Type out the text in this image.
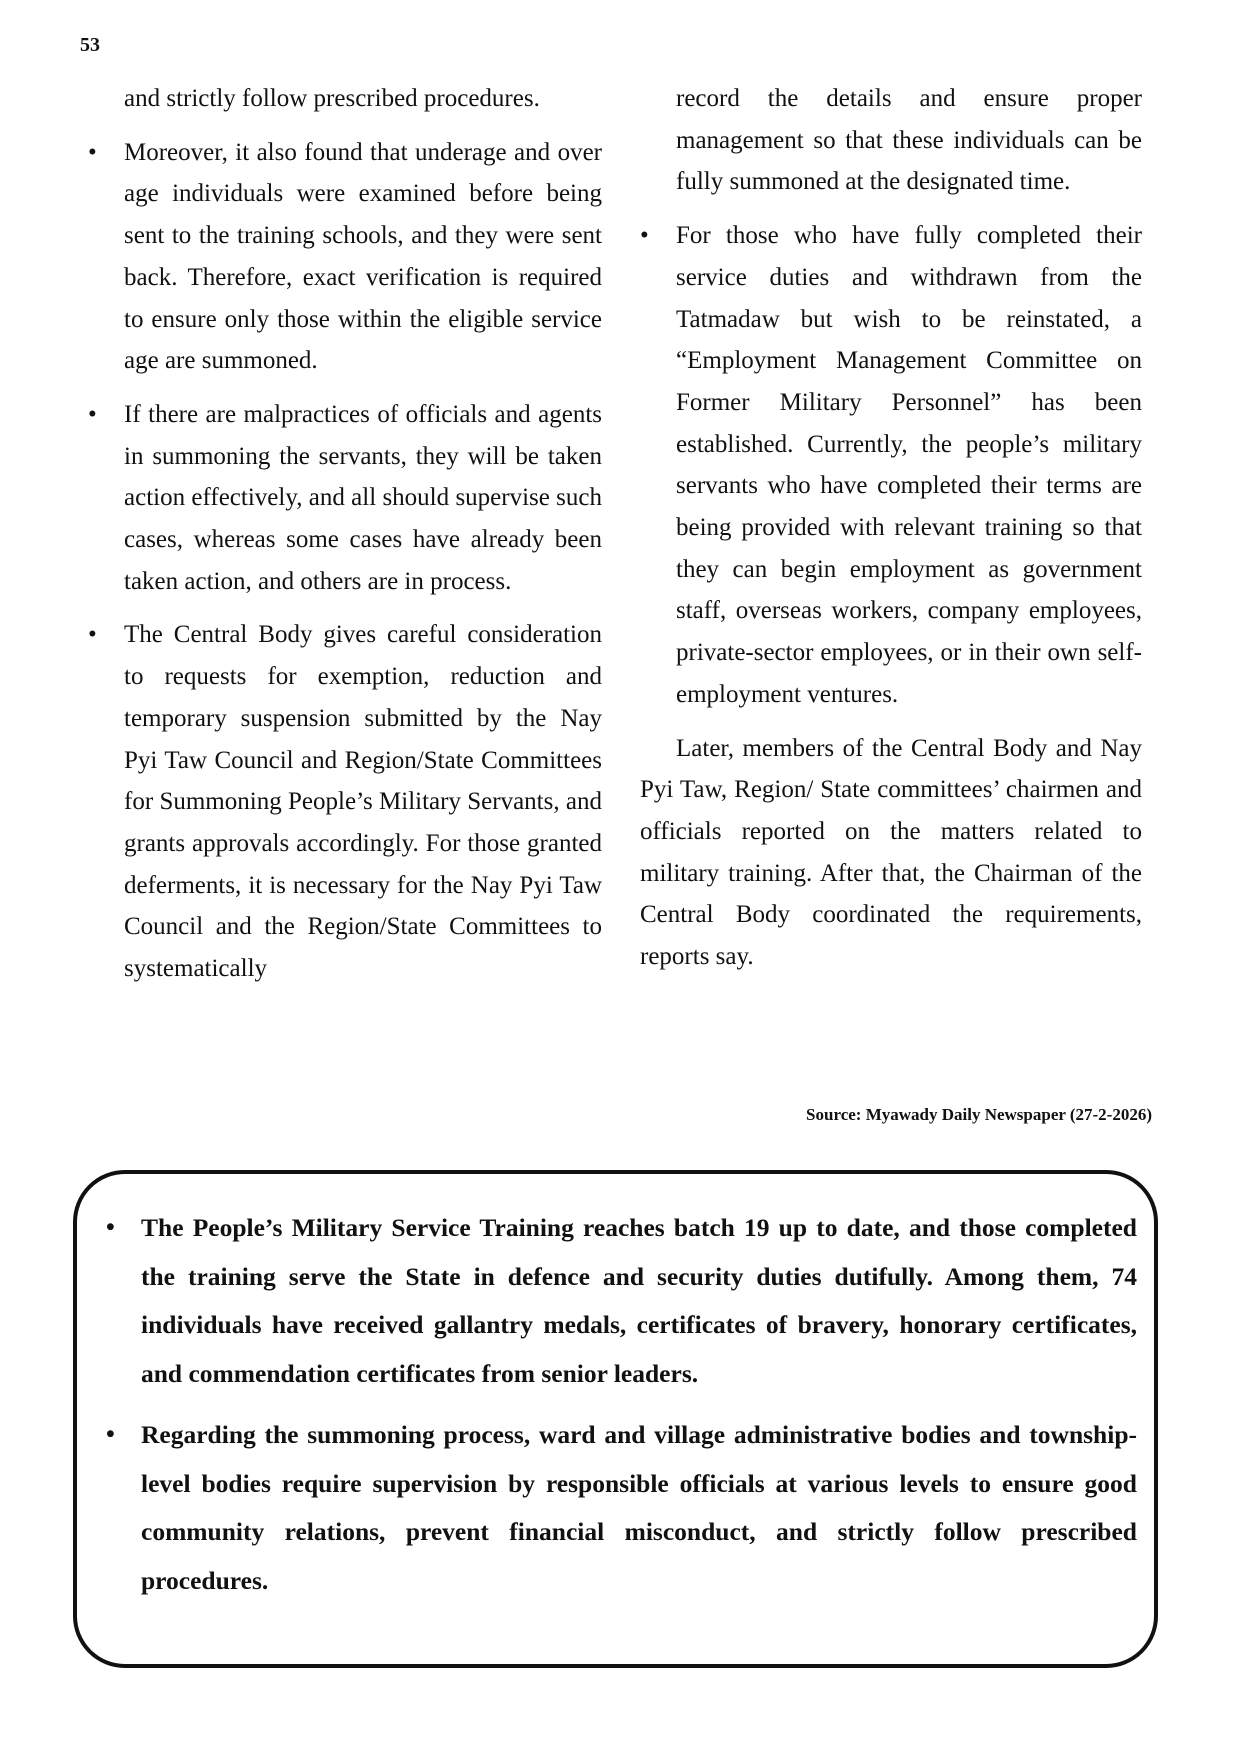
53

and strictly follow prescribed procedures.

• Moreover, it also found that underage and over age individuals were examined before being sent to the training schools, and they were sent back. Therefore, exact verification is required to ensure only those within the eligible service age are summoned.
• If there are malpractices of officials and agents in summoning the servants, they will be taken action effectively, and all should supervise such cases, whereas some cases have already been taken action, and others are in process.
• The Central Body gives careful consideration to requests for exemption, reduction and temporary suspension submitted by the Nay Pyi Taw Council and Region/State Committees for Summoning People’s Military Servants, and grants approvals accordingly. For those granted deferments, it is necessary for the Nay Pyi Taw Council and the Region/State Committees to systematically

record the details and ensure proper management so that these individuals can be fully summoned at the designated time.

• For those who have fully completed their service duties and withdrawn from the Tatmadaw but wish to be reinstated, a “Employment Management Committee on Former Military Personnel” has been established. Currently, the people’s military servants who have completed their terms are being provided with relevant training so that they can begin employment as government staff, overseas workers, company employees, private-sector employees, or in their own self-employment ventures.

Later, members of the Central Body and Nay Pyi Taw, Region/ State committees’ chairmen and officials reported on the matters related to military training. After that, the Chairman of the Central Body coordinated the requirements, reports say.

Source: Myawady Daily Newspaper (27-2-2026)
• The People’s Military Service Training reaches batch 19 up to date, and those completed the training serve the State in defence and security duties dutifully. Among them, 74 individuals have received gallantry medals, certificates of bravery, honorary certificates, and commendation certificates from senior leaders.
• Regarding the summoning process, ward and village administrative bodies and township-level bodies require supervision by responsible officials at various levels to ensure good community relations, prevent financial misconduct, and strictly follow prescribed procedures.
